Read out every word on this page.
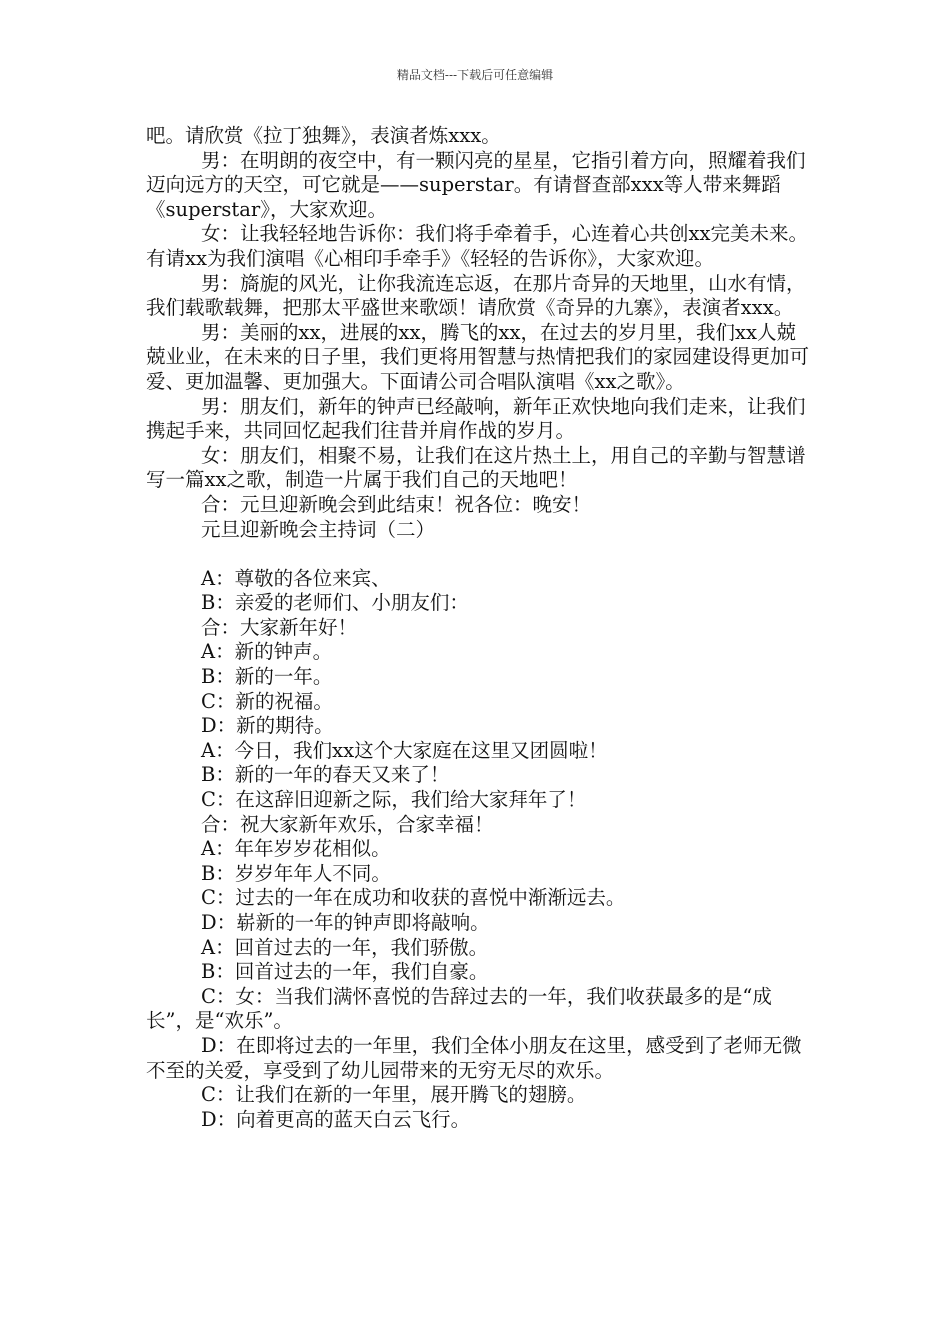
精品文档---下载后可任意编辑

吧。请欣赏《拉丁独舞》，表演者炼xxx。

男：在明朗的夜空中，有一颗闪亮的星星，它指引着方向，照耀着我们迈向远方的天空，可它就是——superstar。有请督查部xxx等人带来舞蹈《superstar》，大家欢迎。

女：让我轻轻地告诉你：我们将手牵着手，心连着心共创xx完美未来。有请xx为我们演唱《心相印手牵手》《轻轻的告诉你》，大家欢迎。

男：旖旎的风光，让你我流连忘返，在那片奇异的天地里，山水有情，我们载歌载舞，把那太平盛世来歌颂！请欣赏《奇异的九寨》，表演者xxx。

男：美丽的xx，进展的xx，腾飞的xx，在过去的岁月里，我们xx人兢兢业业，在未来的日子里，我们更将用智慧与热情把我们的家园建设得更加可爱、更加温馨、更加强大。下面请公司合唱队演唱《xx之歌》。

男：朋友们，新年的钟声已经敲响，新年正欢快地向我们走来，让我们携起手来，共同回忆起我们往昔并肩作战的岁月。

女：朋友们，相聚不易，让我们在这片热土上，用自己的辛勤与智慧谱写一篇xx之歌，制造一片属于我们自己的天地吧！

合：元旦迎新晚会到此结束！祝各位：晚安！

元旦迎新晚会主持词（二）

A：尊敬的各位来宾、

B：亲爱的老师们、小朋友们：

合：大家新年好！

A：新的钟声。

B：新的一年。

C：新的祝福。

D：新的期待。

A：今日，我们xx这个大家庭在这里又团圆啦！

B：新的一年的春天又来了！

C：在这辞旧迎新之际，我们给大家拜年了！

合：祝大家新年欢乐，合家幸福！

A：年年岁岁花相似。

B：岁岁年年人不同。

C：过去的一年在成功和收获的喜悦中渐渐远去。

D：崭新的一年的钟声即将敲响。

A：回首过去的一年，我们骄傲。

B：回首过去的一年，我们自豪。

C：女：当我们满怀喜悦的告辞过去的一年，我们收获最多的是“成长”，是“欢乐”。

D：在即将过去的一年里，我们全体小朋友在这里，感受到了老师无微不至的关爱，享受到了幼儿园带来的无穷无尽的欢乐。

C：让我们在新的一年里，展开腾飞的翅膀。

D：向着更高的蓝天白云飞行。
